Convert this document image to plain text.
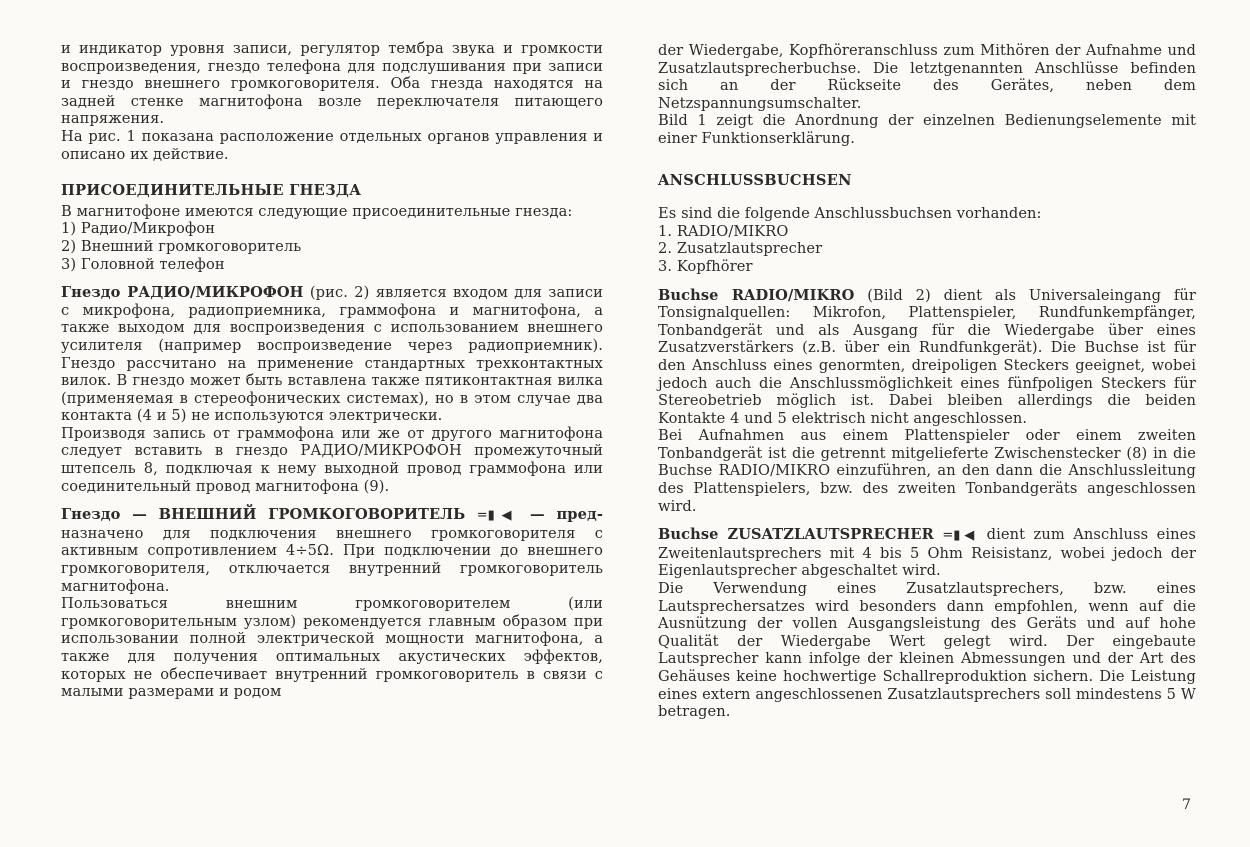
и индикатор уровня записи, регулятор тембра звука и громкости воспроизведения, гнездо телефона для подслушивания при записи и гнездо внешнего громкоговорителя. Оба гнезда находятся на задней стенке магнитофона возле переключателя питающего напряжения.

На рис. 1 показана расположение отдельных органов управления и описано их действие.

ПРИСОЕДИНИТЕЛЬНЫЕ ГНЕЗДА

В магнитофоне имеются следующие присоединительные гнезда:

1) Радио/Микрофон
2) Внешний громкоговоритель
3) Головной телефон

Гнездо РАДИО/МИКРОФОН (рис. 2) является входом для записи с микрофона, радиоприемника, граммофона и магнитофона, а также выходом для воспроизведения с использованием внешнего усилителя (например воспроизведение через радиоприемник). Гнездо рассчитано на применение стандартных трехконтактных вилок. В гнездо может быть вставлена также пятиконтактная вилка (применяемая в стереофонических системах), но в этом случае два контакта (4 и 5) не используются электрически.

Производя запись от граммофона или же от другого магнитофона следует вставить в гнездо РАДИО/МИКРОФОН промежуточный штепсель 8, подключая к нему выходной провод граммофона или соединительный провод магнитофона (9).

Гнездо — ВНЕШНИЙ ГРОМКОГОВОРИТЕЛЬ =▮◀ — пред- назначено для подключения внешнего громкоговорителя с активным сопротивлением 4÷5Ω. При подключении до внешнего громкоговорителя, отключается внутренний громкоговоритель магнитофона.

Пользоваться внешним громкоговорителем (или громкоговорительным узлом) рекомендуется главным образом при использовании полной электрической мощности магнитофона, а также для получения оптимальных акустических эффектов, которых не обеспечивает внутренний громкоговоритель в связи с малыми размерами и родом

der Wiedergabe, Kopfhöreranschluss zum Mithören der Aufnahme und Zusatzlautsprecherbuchse. Die letztgenannten Anschlüsse befinden sich an der Rückseite des Gerätes, neben dem Netzspannungsumschalter.

Bild 1 zeigt die Anordnung der einzelnen Bedienungselemente mit einer Funktionserklärung.

ANSCHLUSSBUCHSEN

Es sind die folgende Anschlussbuchsen vorhanden:

1. RADIO/MIKRO
2. Zusatzlautsprecher
3. Kopfhörer

Buchse RADIO/MIKRO (Bild 2) dient als Universaleingang für Tonsignalquellen: Mikrofon, Plattenspieler, Rundfunkempfänger, Tonbandgerät und als Ausgang für die Wiedergabe über eines Zusatzverstärkers (z.B. über ein Rundfunkgerät). Die Buchse ist für den Anschluss eines genormten, dreipoligen Steckers geeignet, wobei jedoch auch die Anschlussmöglichkeit eines fünfpoligen Steckers für Stereobetrieb möglich ist. Dabei bleiben allerdings die beiden Kontakte 4 und 5 elektrisch nicht angeschlossen.

Bei Aufnahmen aus einem Plattenspieler oder einem zweiten Tonbandgerät ist die getrennt mitgelieferte Zwischenstecker (8) in die Buchse RADIO/MIKRO einzuführen, an den dann die Anschlussleitung des Plattenspielers, bzw. des zweiten Tonbandgeräts angeschlossen wird.

Buchse ZUSATZLAUTSPRECHER =▮◀ dient zum Anschluss eines Zweitenlautsprechers mit 4 bis 5 Ohm Reisistanz, wobei jedoch der Eigenlautsprecher abgeschaltet wird.

Die Verwendung eines Zusatzlautsprechers, bzw. eines Lautsprechersatzes wird besonders dann empfohlen, wenn auf die Ausnützung der vollen Ausgangsleistung des Geräts und auf hohe Qualität der Wiedergabe Wert gelegt wird. Der eingebaute Lautsprecher kann infolge der kleinen Abmessungen und der Art des Gehäuses keine hochwertige Schallreproduktion sichern. Die Leistung eines extern angeschlossenen Zusatzlautsprechers soll mindestens 5 W betragen.

7
